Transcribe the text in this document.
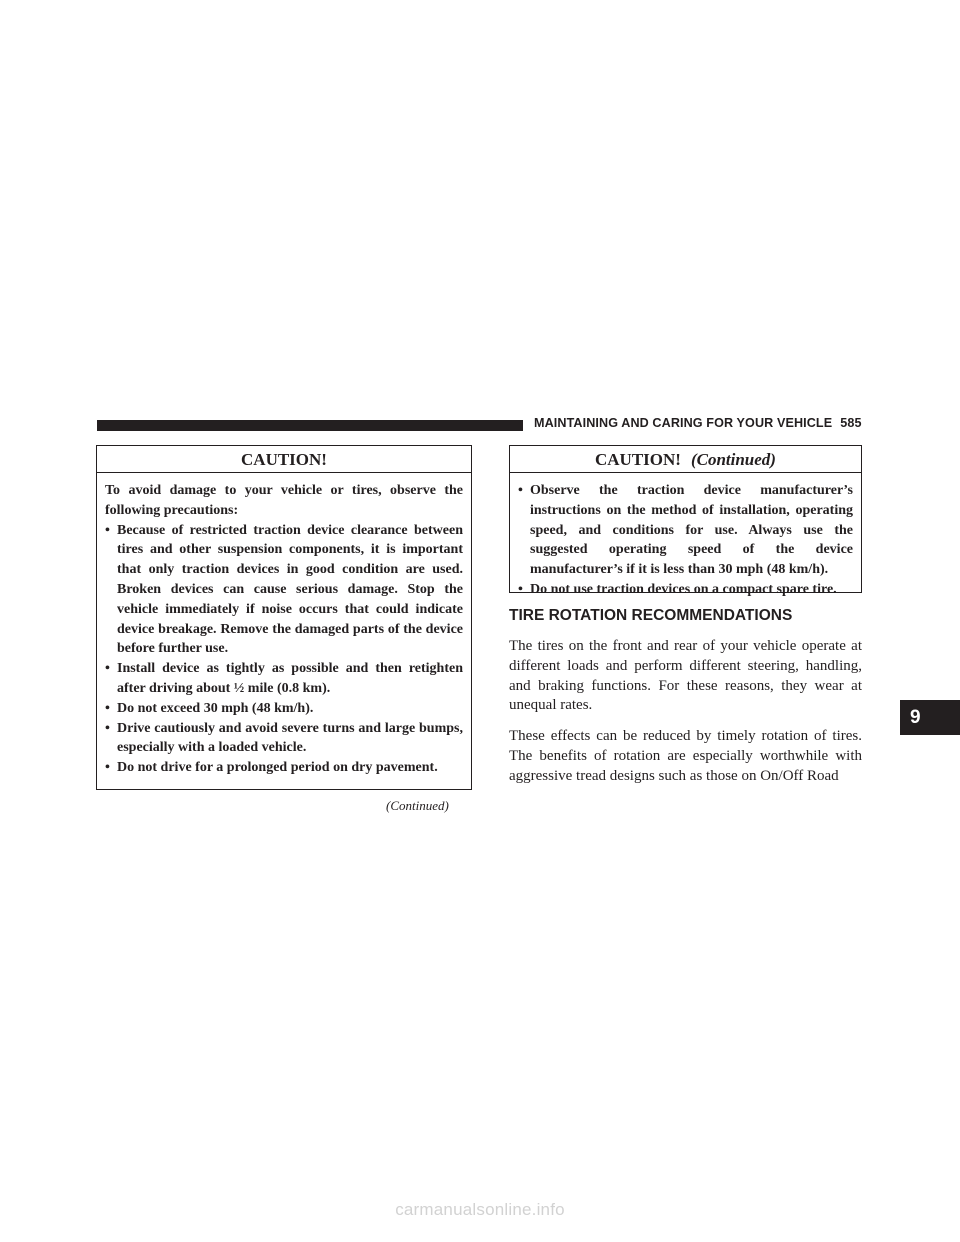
MAINTAINING AND CARING FOR YOUR VEHICLE 585
CAUTION!
To avoid damage to your vehicle or tires, observe the following precautions:
• Because of restricted traction device clearance between tires and other suspension components, it is important that only traction devices in good condition are used. Broken devices can cause serious damage. Stop the vehicle immediately if noise occurs that could indicate device breakage. Remove the damaged parts of the device before further use.
• Install device as tightly as possible and then retighten after driving about ½ mile (0.8 km).
• Do not exceed 30 mph (48 km/h).
• Drive cautiously and avoid severe turns and large bumps, especially with a loaded vehicle.
• Do not drive for a prolonged period on dry pavement.
(Continued)
CAUTION! (Continued)
• Observe the traction device manufacturer’s instructions on the method of installation, operating speed, and conditions for use. Always use the suggested operating speed of the device manufacturer’s if it is less than 30 mph (48 km/h).
• Do not use traction devices on a compact spare tire.
TIRE ROTATION RECOMMENDATIONS

The tires on the front and rear of your vehicle operate at different loads and perform different steering, handling, and braking functions. For these reasons, they wear at unequal rates.

These effects can be reduced by timely rotation of tires. The benefits of rotation are especially worthwhile with aggressive tread designs such as those on On/Off Road

9
carmanualsonline.info
